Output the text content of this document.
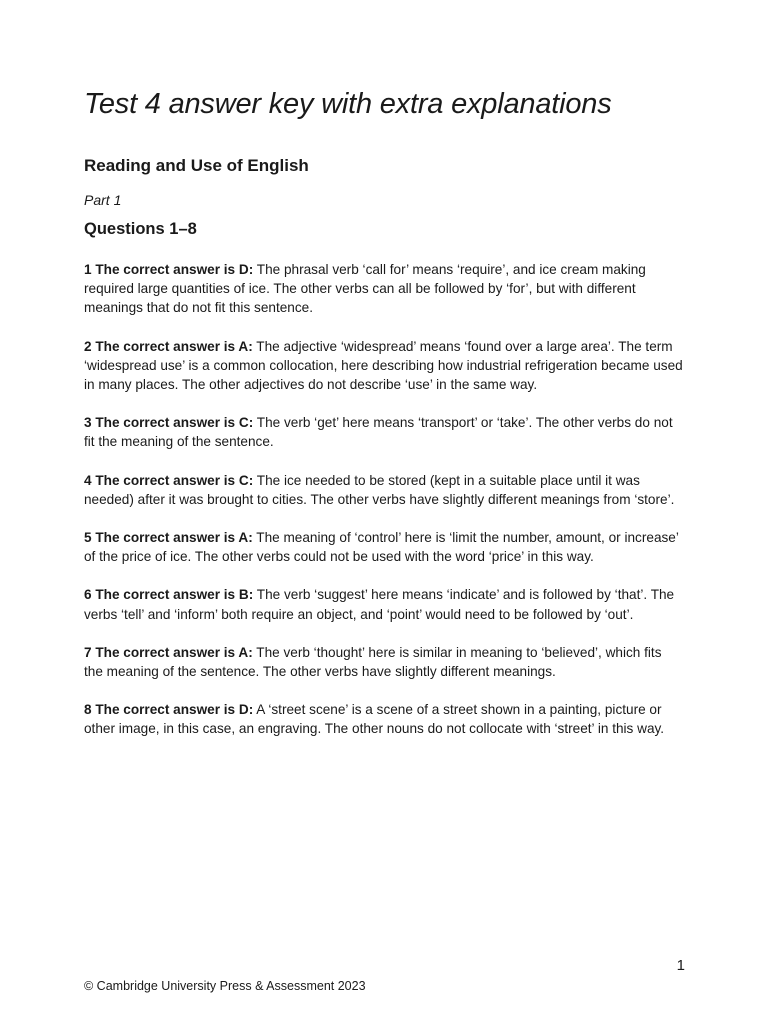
Test 4 answer key with extra explanations
Reading and Use of English

Part 1

Questions 1–8

1 The correct answer is D: The phrasal verb ‘call for’ means ‘require’, and ice cream making required large quantities of ice. The other verbs can all be followed by ‘for’, but with different meanings that do not fit this sentence.

2 The correct answer is A: The adjective ‘widespread’ means ‘found over a large area’. The term ‘widespread use’ is a common collocation, here describing how industrial refrigeration became used in many places. The other adjectives do not describe ‘use’ in the same way.

3 The correct answer is C: The verb ‘get’ here means ‘transport’ or ‘take’. The other verbs do not fit the meaning of the sentence.

4 The correct answer is C: The ice needed to be stored (kept in a suitable place until it was needed) after it was brought to cities. The other verbs have slightly different meanings from ‘store’.

5 The correct answer is A: The meaning of ‘control’ here is ‘limit the number, amount, or increase’ of the price of ice. The other verbs could not be used with the word ‘price’ in this way.

6 The correct answer is B: The verb ‘suggest’ here means ‘indicate’ and is followed by ‘that’. The verbs ‘tell’ and ‘inform’ both require an object, and ‘point’ would need to be followed by ‘out’.

7 The correct answer is A: The verb ‘thought’ here is similar in meaning to ‘believed’, which fits the meaning of the sentence. The other verbs have slightly different meanings.

8 The correct answer is D: A ‘street scene’ is a scene of a street shown in a painting, picture or other image, in this case, an engraving. The other nouns do not collocate with ‘street’ in this way.

1
© Cambridge University Press & Assessment 2023
